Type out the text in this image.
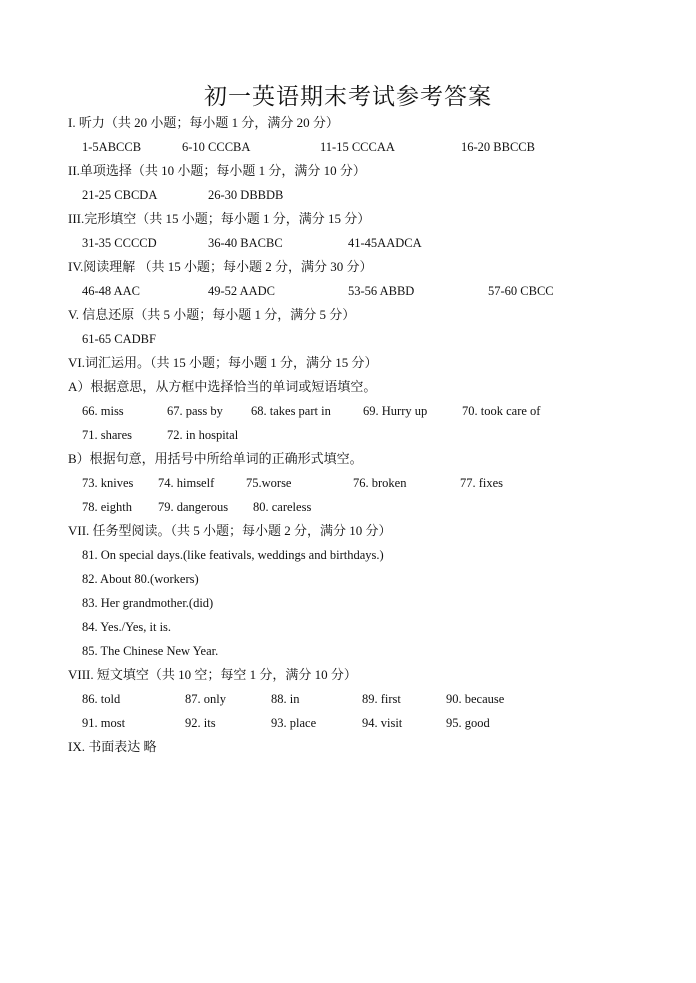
初一英语期末考试参考答案
I. 听力（共 20 小题；每小题 1 分，满分 20 分）
1-5ABCCB	6-10 CCCBA	11-15 CCCAA	16-20 BBCCB
II.单项选择（共 10 小题；每小题 1 分，满分 10 分）
21-25 CBCDA	26-30 DBBDB
III.完形填空（共 15 小题；每小题 1 分，满分 15 分）
31-35 CCCCD	36-40 BACBC	41-45AADCA
IV.阅读理解 （共 15 小题；每小题 2 分，满分 30 分）
46-48 AAC	49-52 AADC	53-56 ABBD	57-60 CBCC
V. 信息还原（共 5 小题；每小题 1 分，满分 5 分）
61-65 CADBF
VI.词汇运用。（共 15 小题；每小题 1 分，满分 15 分）
A）根据意思，从方框中选择恰当的单词或短语填空。
66. miss	67. pass by 68. takes part in	69. Hurry up	70. took care of
71. shares	72. in hospital
B）根据句意，用括号中所给单词的正确形式填空。
73. knives 74. himself	75.worse	76. broken	77. fixes
78. eighth 79. dangerous 80. careless
VII. 任务型阅读。（共 5 小题；每小题 2 分，满分 10 分）
81. On special days.(like feativals, weddings and birthdays.)
82. About 80.(workers)
83. Her grandmother.(did)
84. Yes./Yes, it is.
85. The Chinese New Year.
VIII. 短文填空（共 10 空；每空 1 分，满分 10 分）
86. told	87. only	88. in	89. first	90. because
91. most	92. its	93. place	94. visit	95. good
IX. 书面表达 略
